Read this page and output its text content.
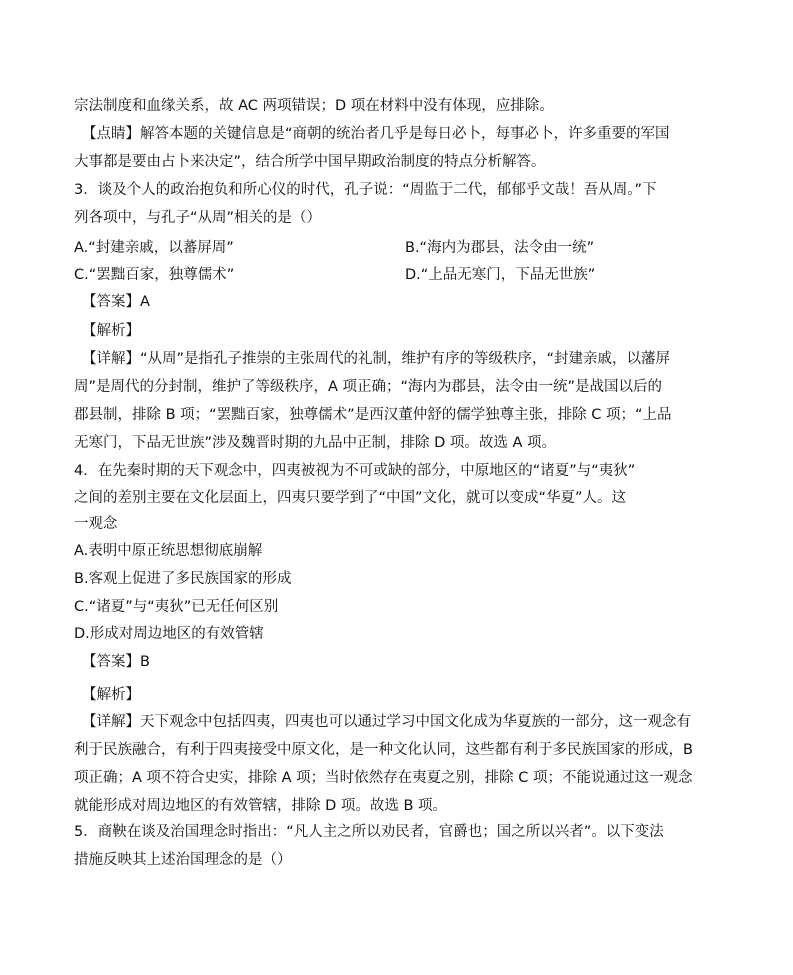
宗法制度和血缘关系，故 AC 两项错误；D 项在材料中没有体现，应排除。
【点睛】解答本题的关键信息是“商朝的统治者几乎是每日必卜，每事必卜，许多重要的军国
大事都是要由占卜来决定”，结合所学中国早期政治制度的特点分析解答。
3．谈及个人的政治抱负和所心仪的时代，孔子说：“周监于二代，郁郁乎文哉！吾从周。”下
列各项中，与孔子“从周”相关的是（）
A.“封建亲戚，以蕃屏周”	B.“海内为郡县，法令由一统”
C.“罢黜百家，独尊儒术”	D.“上品无寒门，下品无世族”
【答案】A
【解析】
【详解】“从周”是指孔子推崇的主张周代的礼制，维护有序的等级秩序，“封建亲戚，以藩屏
周”是周代的分封制，维护了等级秩序，A 项正确；“海内为郡县，法令由一统”是战国以后的
郡县制，排除 B 项；“罢黜百家，独尊儒术”是西汉董仲舒的儒学独尊主张，排除 C 项；“上品
无寒门，下品无世族”涉及魏晋时期的九品中正制，排除 D 项。故选 A 项。
4．在先秦时期的天下观念中，四夷被视为不可或缺的部分，中原地区的“诸夏”与“夷狄”
之间的差别主要在文化层面上，四夷只要学到了“中国”文化，就可以变成“华夏”人。这
一观念
A.表明中原正统思想彻底崩解
B.客观上促进了多民族国家的形成
C.“诸夏”与“夷狄”已无任何区别
D.形成对周边地区的有效管辖
【答案】B
【解析】
【详解】天下观念中包括四夷，四夷也可以通过学习中国文化成为华夏族的一部分，这一观念有
利于民族融合，有利于四夷接受中原文化，是一种文化认同，这些都有利于多民族国家的形成，B
项正确；A 项不符合史实，排除 A 项；当时依然存在夷夏之别，排除 C 项；不能说通过这一观念
就能形成对周边地区的有效管辖，排除 D 项。故选 B 项。
5．商鞅在谈及治国理念时指出：“凡人主之所以劝民者，官爵也；国之所以兴者”。以下变法
措施反映其上述治国理念的是（）
